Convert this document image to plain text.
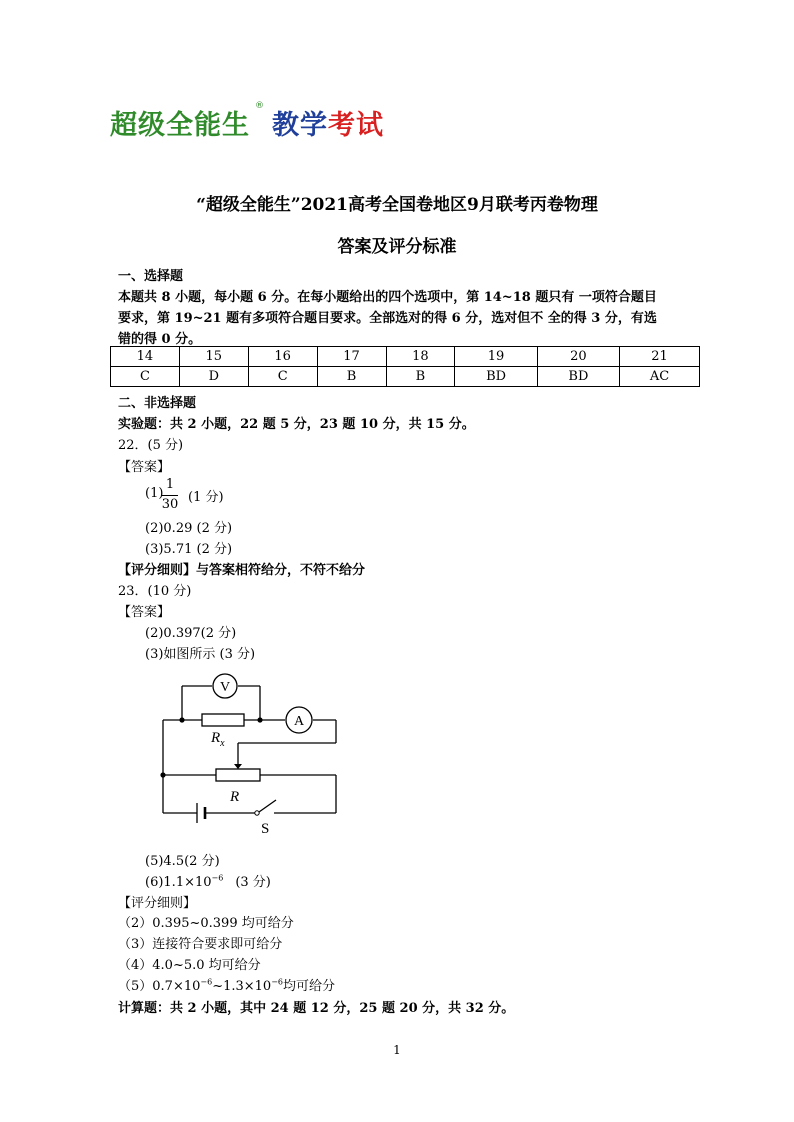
超级全能生
®
教学考试
“超级全能生”2021高考全国卷地区9月联考丙卷物理
答案及评分标准
一、选择题
本题共 8 小题，每小题 6 分。在每小题给出的四个选项中，第 14~18 题只有 一项符合题目
要求，第 19~21 题有多项符合题目要求。全部选对的得 6 分，选对但不 全的得 3 分，有选
错的得 0 分。
14	15	16	17	18	19	20	21
C	D	C	B	B	BD	BD	AC
二、非选择题
实验题：共 2 小题，22 题 5 分，23 题 10 分，共 15 分。
22．(5 分)
【答案】
(1)
1
30 (1 分)
(2)0.29 (2 分)
(3)5.71 (2 分)
【评分细则】与答案相符给分，不符不给分
23．(10 分)
【答案】
(2)0.397(2 分)
(3)如图所示 (3 分)
V
A
$R_x$
R
S
(5)4.5(2 分)
$(6)1.1\times 10^{-6}$ (3 分)
【评分细则】
（2）0.395~0.399 均可给分
（3）连接符合要求即可给分
（4）4.0~5.0 均可给分
$(5)0.7\times 10^{-6}\sim 1.3\times 10^{-6}$均可给分
计算题：共 2 小题，其中 24 题 12 分，25 题 20 分，共 32 分。
1
